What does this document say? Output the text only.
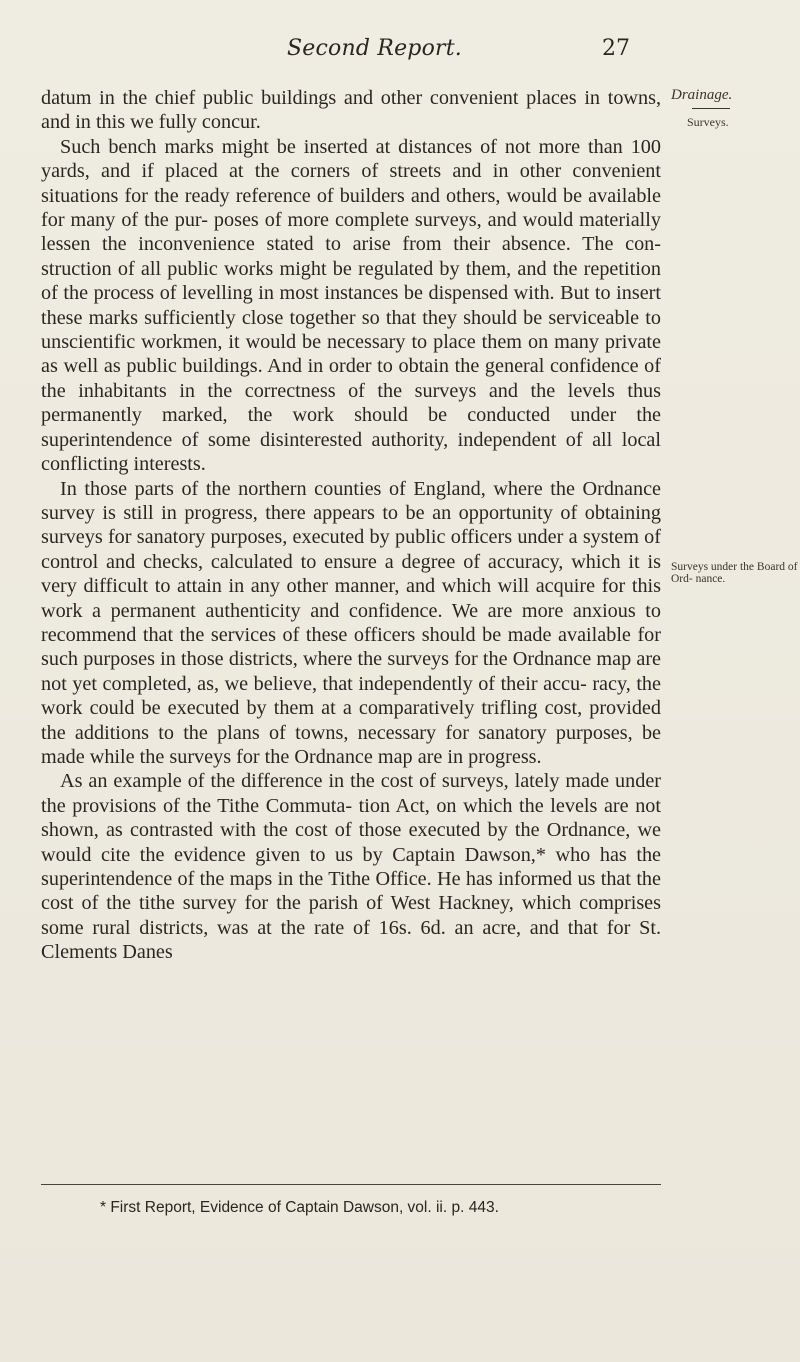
Second Report.	27

datum in the chief public buildings and other convenient places in towns, and in this we fully concur.

Such bench marks might be inserted at distances of not more than 100 yards, and if placed at the corners of streets and in other convenient situations for the ready reference of builders and others, would be available for many of the pur- poses of more complete surveys, and would materially lessen the inconvenience stated to arise from their absence. The con- struction of all public works might be regulated by them, and the repetition of the process of levelling in most instances be dispensed with. But to insert these marks sufficiently close together so that they should be serviceable to unscientific workmen, it would be necessary to place them on many private as well as public buildings. And in order to obtain the general confidence of the inhabitants in the correctness of the surveys and the levels thus permanently marked, the work should be conducted under the superintendence of some disinterested authority, independent of all local conflicting interests.

In those parts of the northern counties of England, where the Ordnance survey is still in progress, there appears to be an opportunity of obtaining surveys for sanatory purposes, executed by public officers under a system of control and checks, calculated to ensure a degree of accuracy, which it is very difficult to attain in any other manner, and which will acquire for this work a permanent authenticity and confidence. We are more anxious to recommend that the services of these officers should be made available for such purposes in those districts, where the surveys for the Ordnance map are not yet completed, as, we believe, that independently of their accu- racy, the work could be executed by them at a comparatively trifling cost, provided the additions to the plans of towns, necessary for sanatory purposes, be made while the surveys for the Ordnance map are in progress.

As an example of the difference in the cost of surveys, lately made under the provisions of the Tithe Commuta- tion Act, on which the levels are not shown, as contrasted with the cost of those executed by the Ordnance, we would cite the evidence given to us by Captain Dawson,* who has the superintendence of the maps in the Tithe Office. He has informed us that the cost of the tithe survey for the parish of West Hackney, which comprises some rural districts, was at the rate of 16s. 6d. an acre, and that for St. Clements Danes

Drainage.
Surveys.
Surveys under the Board of Ord- nance.
* First Report, Evidence of Captain Dawson, vol. ii. p. 443.
